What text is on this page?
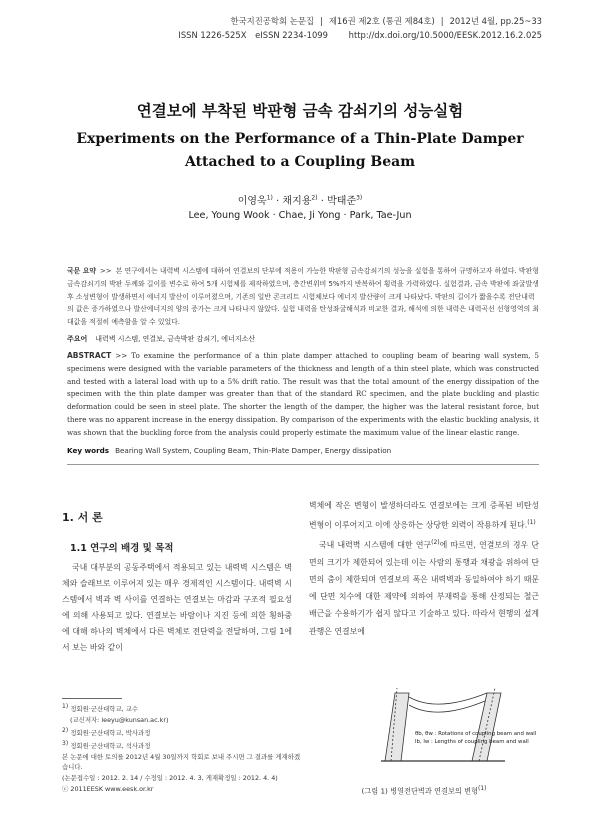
한국지진공학회 논문집 | 제16권 제2호 (통권 제84호) | 2012년 4월, pp.25~33
ISSN 1226-525X eISSN 2234-1099 http://dx.doi.org/10.5000/EESK.2012.16.2.025
연결보에 부착된 박판형 금속 감쇠기의 성능실험
Experiments on the Performance of a Thin-Plate Damper
Attached to a Coupling Beam
이영욱$^{1)}$ · 채지용$^{2)}$ · 박태준$^{3)}$
Lee, Young Wook · Chae, Ji Yong · Park, Tae-Jun
국문 요약 >> 본 연구에서는 내력벽 시스템에 대하여 연결보의 단부에 적용이 가능한 박판형 금속감쇠기의 성능을 실험을 통하여 규명하고자 하였다. 박판형 금속감쇠기의 박판 두께와 길이를 변수로 하여 5개 시험체를 제작하였으며, 층간변위비 5%까지 반복하여 횡력을 가력하였다. 실험결과, 금속 박판에 좌굴발생 후 소성변형이 발생하면서 에너지 발산이 이루어졌으며, 기존의 일반 콘크리트 시험체보다 에너지 발산량이 크게 나타났다. 박판의 길이가 짧을수록 전단내력의 값은 증가하였으나 발산에너지의 양의 증가는 크게 나타나지 않았다. 실험 내력을 탄성좌굴해석과 비교한 결과, 해석에 의한 내력은 내력곡선 선형영역의 최대값을 적절히 예측함을 알 수 있었다.
주요어 내력벽 시스템, 연결보, 금속박판 감쇠기, 에너지소산
ABSTRACT >> To examine the performance of a thin plate damper attached to coupling beam of bearing wall system, 5 specimens were designed with the variable parameters of the thickness and length of a thin steel plate, which was constructed and tested with a lateral load with up to a 5% drift ratio. The result was that the total amount of the energy dissipation of the specimen with the thin plate damper was greater than that of the standard RC specimen, and the plate buckling and plastic deformation could be seen in steel plate. The shorter the length of the damper, the higher was the lateral resistant force, but there was no apparent increase in the energy dissipation. By comparison of the experiments with the elastic buckling analysis, it was shown that the buckling force from the analysis could properly estimate the maximum value of the linear elastic range.
Key words Bearing Wall System, Coupling Beam, Thin-Plate Damper, Energy dissipation
1. 서 론
1.1 연구의 배경 및 목적

국내 대부분의 공동주택에서 적용되고 있는 내력벽 시스템은 벽체와 슬래브로 이루어져 있는 매우 경제적인 시스템이다. 내력벽 시스템에서 벽과 벽 사이를 연결하는 연결보는 마감과 구조적 필요성에 의해 사용되고 있다. 연결보는 바람이나 지진 등에 의한 횡하중에 대해 하나의 벽체에서 다른 벽체로 전단력을 전달하며, 그림 1에서 보는 바와 같이

$^{1)}$ 정회원·군산대학교, 교수
(교신저자: leeyu@kunsan.ac.kr)
$^{2)}$ 정회원·군산대학교, 박사과정
$^{3)}$ 정회원·군산대학교, 석사과정
본 논문에 대한 토의를 2012년 4월 30일까지 학회로 보내 주시면 그 결과를 게재하겠습니다.
(논문접수일 : 2012. 2. 14 / 수정일 : 2012. 4. 3, 게재확정일 : 2012. 4. 4)
ⓒ 2011EESK www.eesk.or.kr

벽체에 작은 변형이 발생하더라도 연결보에는 크게 증폭된 비탄성 변형이 이루어지고 이에 상응하는 상당한 외력이 작용하게 된다.$^{(1)}$

국내 내력벽 시스템에 대한 연구$^{(2)}$에 따르면, 연결보의 경우 단면의 크기가 제한되어 있는데 이는 사람의 통행과 채광을 위하여 단면의 춤이 제한되며 연결보의 폭은 내력벽과 동일하여야 하기 때문에 단면 치수에 대한 제약에 의하여 부재력을 통해 산정되는 철근 배근을 수용하기가 쉽지 않다고 기술하고 있다. 따라서 현행의 설계관행은 연결보에

θb, θw : Rotations of coupling beam and wall
lb, lw : Lengths of coupling beam and wall
(그림 1) 병열전단벽과 연결보의 변형$^{(1)}$
